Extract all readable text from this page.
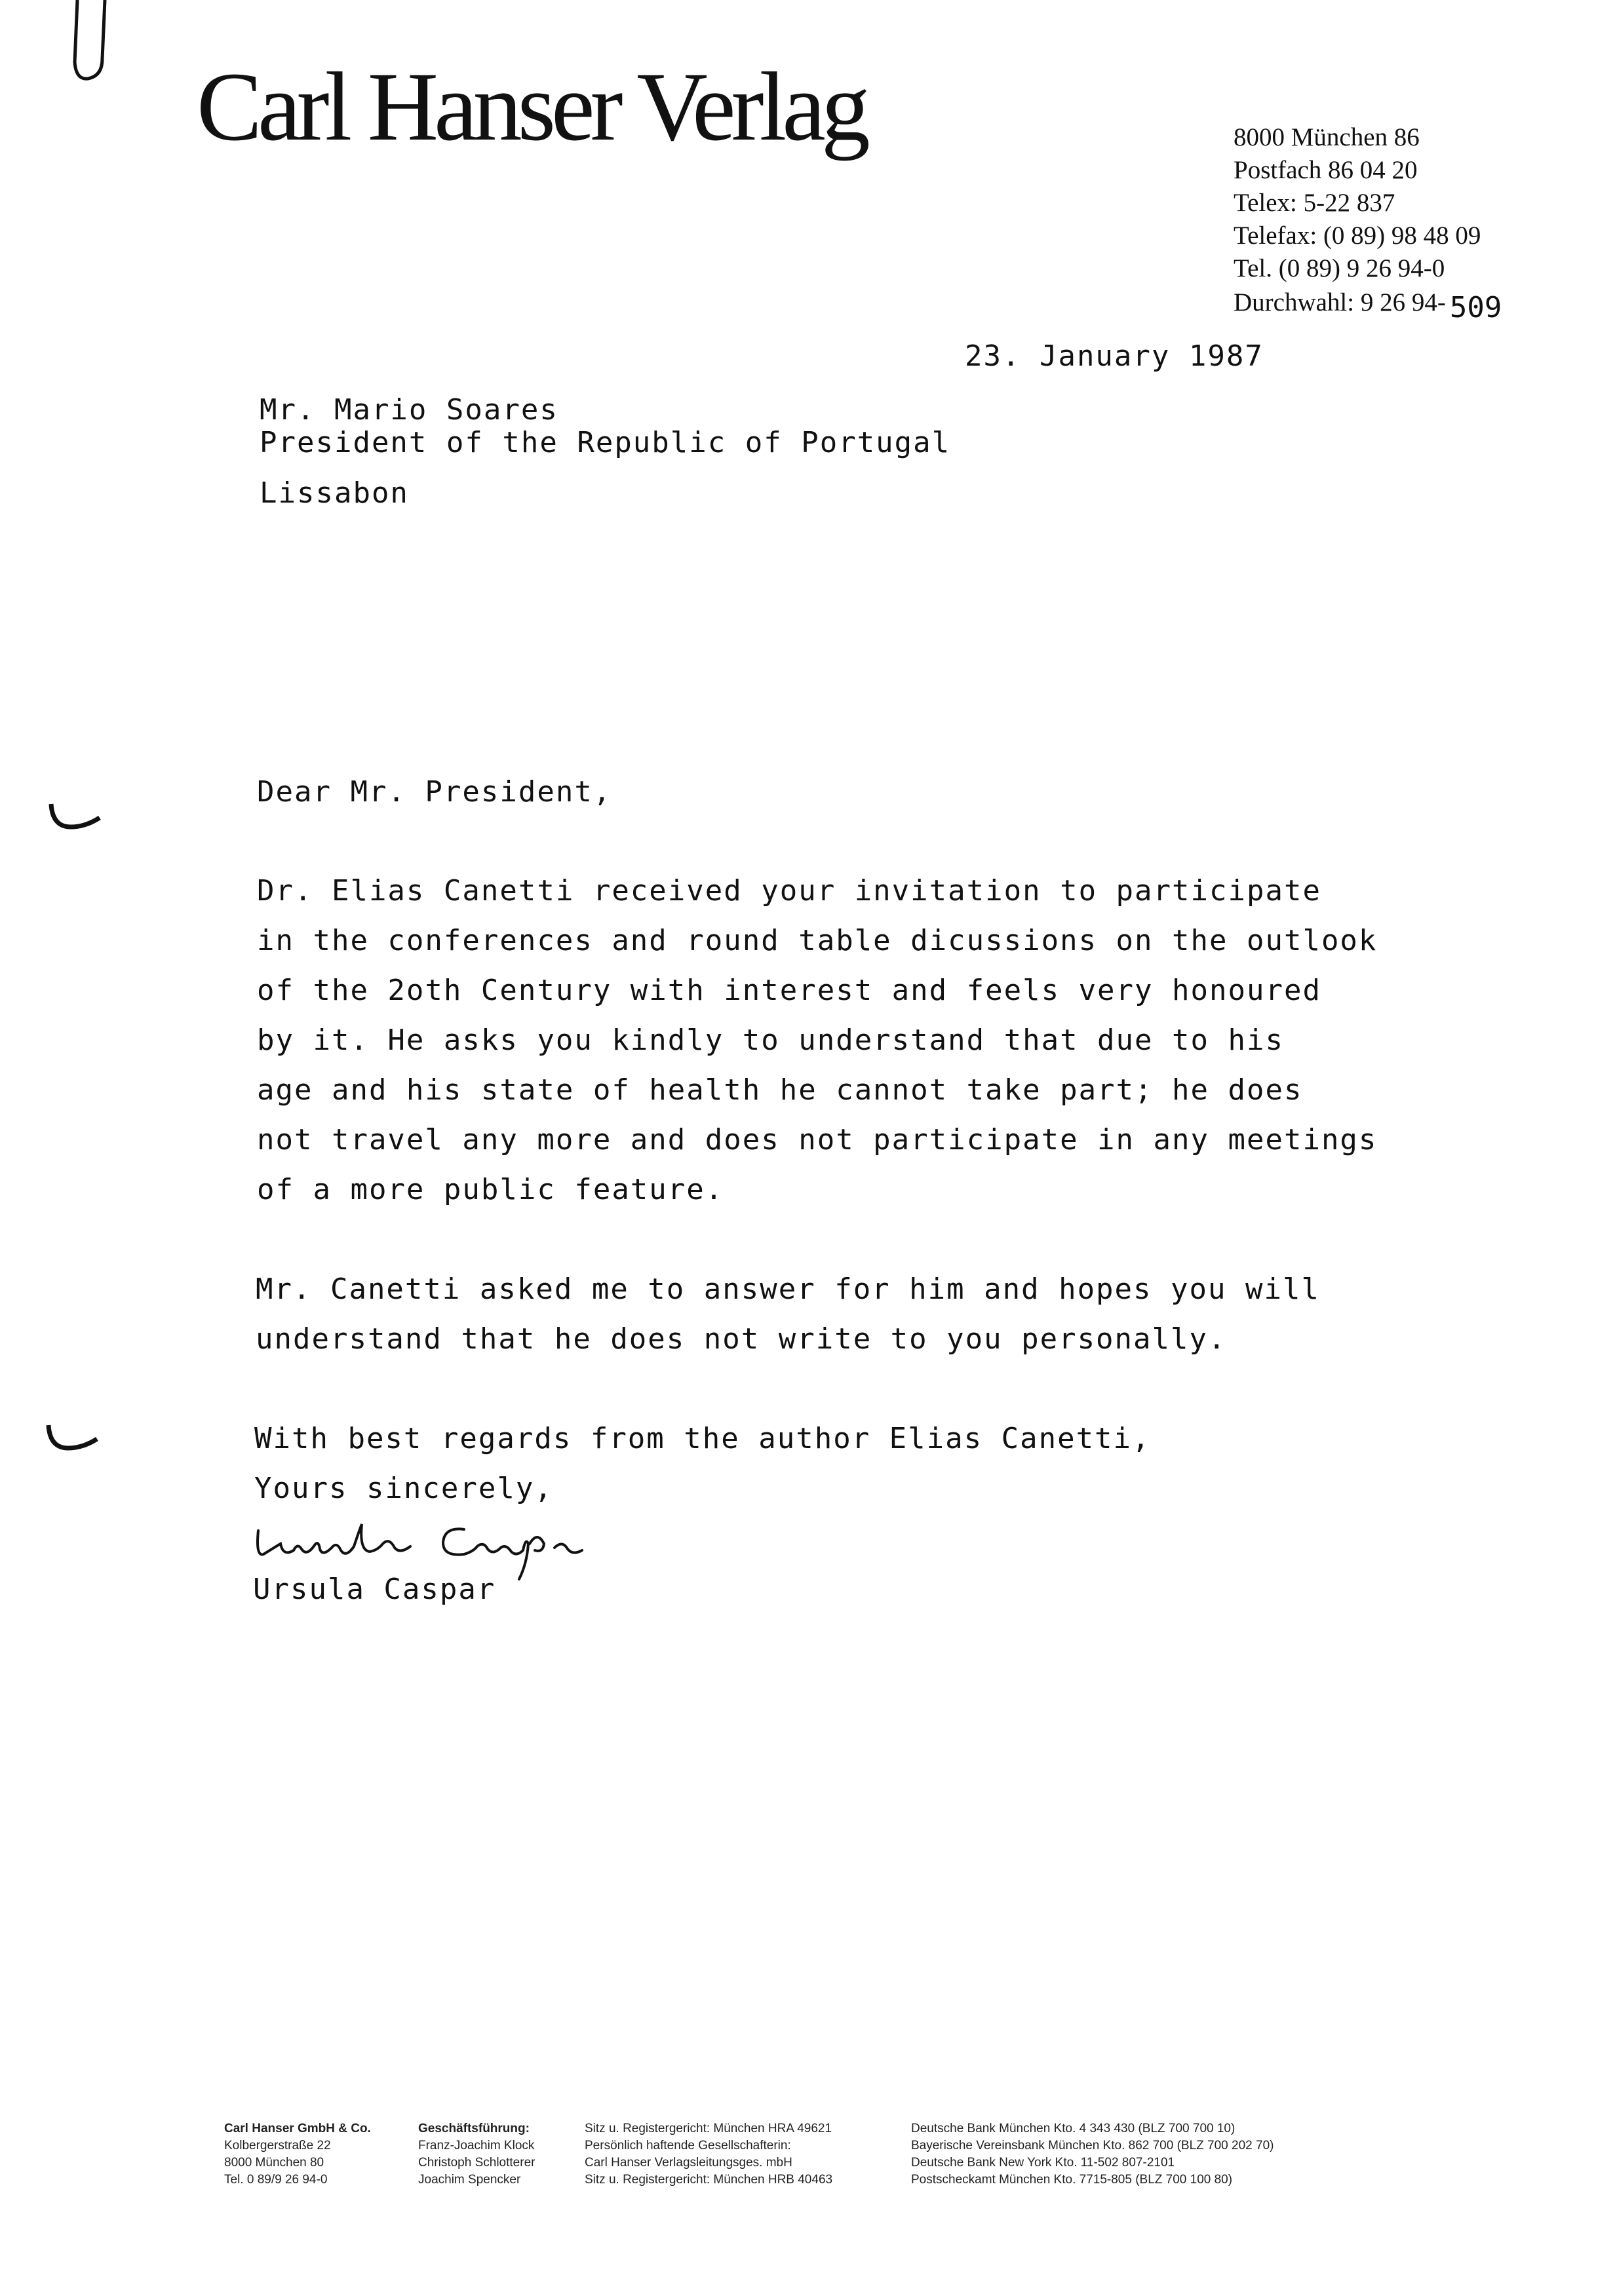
Carl Hanser Verlag	8000 München 86
Postfach 86 04 20
Telex: 5-22 837
Telefax: (0 89) 98 48 09
Tel. (0 89) 9 26 94-0
Durchwahl: 9 26 94- 509
23. January 1987
Mr. Mario Soares
President of the Republic of Portugal
Lissabon
Dear Mr. President,
Dr. Elias Canetti received your invitation to participate
in the conferences and round table dicussions on the outlook
of the 2oth Century with interest and feels very honoured
by it. He asks you kindly to understand that due to his
age and his state of health he cannot take part; he does
not travel any more and does not participate in any meetings
of a more public feature.
Mr. Canetti asked me to answer for him and hopes you will
understand that he does not write to you personally.
With best regards from the author Elias Canetti,
Yours sincerely,
Ursula Caspar
Carl Hanser GmbH & Co.
Kolbergerstraße 22
8000 München 80
Tel. 0 89/9 26 94-0
Geschäftsführung:
Franz-Joachim Klock
Christoph Schlotterer
Joachim Spencker
Sitz u. Registergericht: München HRA 49621
Persönlich haftende Gesellschafterin:
Carl Hanser Verlagsleitungsges. mbH
Sitz u. Registergericht: München HRB 40463
Deutsche Bank München Kto. 4 343 430 (BLZ 700 700 10)
Bayerische Vereinsbank München Kto. 862 700 (BLZ 700 202 70)
Deutsche Bank New York Kto. 11-502 807-2101
Postscheckamt München Kto. 7715-805 (BLZ 700 100 80)
